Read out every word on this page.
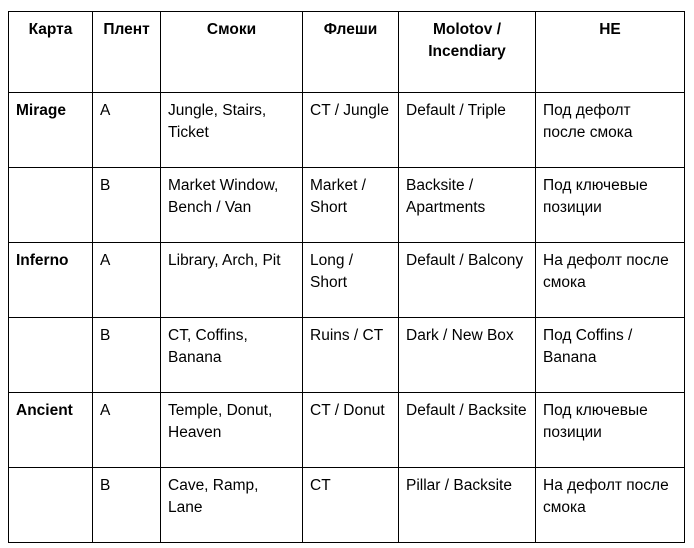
Карта	Плент	Смоки	Флеши	Molotov / Incendiary	HE
Mirage	A	Jungle, Stairs, Ticket	CT / Jungle	Default / Triple	Под дефолт после смока
	B	Market Window, Bench / Van	Market / Short	Backsite / Apartments	Под ключевые позиции
Inferno	A	Library, Arch, Pit	Long / Short	Default / Balcony	На дефолт после смока
	B	CT, Coffins, Banana	Ruins / CT	Dark / New Box	Под Coffins / Banana
Ancient	A	Temple, Donut, Heaven	CT / Donut	Default / Backsite	Под ключевые позиции
	B	Cave, Ramp, Lane	CT	Pillar / Backsite	На дефолт после смока
